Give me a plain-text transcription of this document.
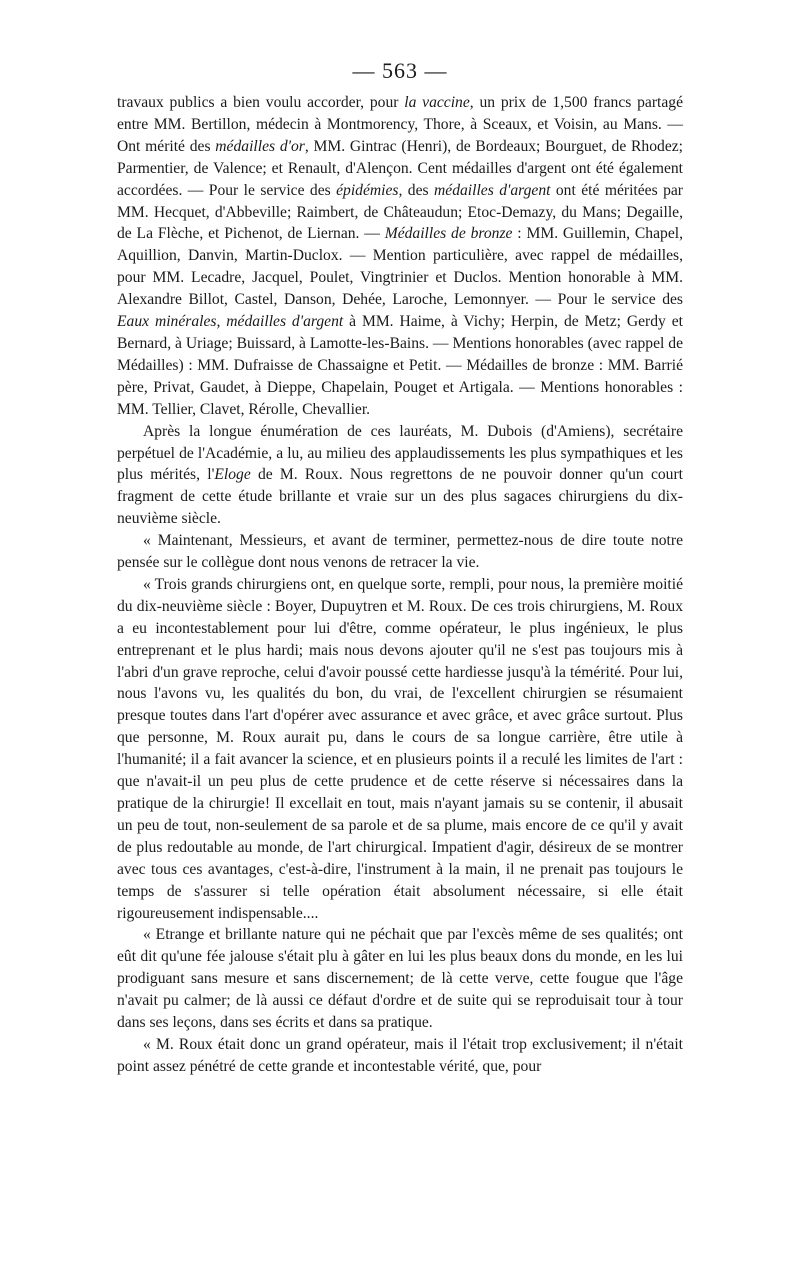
— 563 —

travaux publics a bien voulu accorder, pour la vaccine, un prix de 1,500 francs partagé entre MM. Bertillon, médecin à Montmorency, Thore, à Sceaux, et Voisin, au Mans. — Ont mérité des médailles d'or, MM. Gintrac (Henri), de Bordeaux; Bourguet, de Rhodez; Parmentier, de Valence; et Renault, d'Alençon. Cent médailles d'argent ont été également accordées. — Pour le service des épidémies, des médailles d'argent ont été méritées par MM. Hecquet, d'Abbeville; Raimbert, de Châteaudun; Etoc-Demazy, du Mans; Degaille, de La Flèche, et Pichenot, de Liernan. — Médailles de bronze : MM. Guillemin, Chapel, Aquillion, Danvin, Martin-Duclox. — Mention particulière, avec rappel de médailles, pour MM. Lecadre, Jacquel, Poulet, Vingtrinier et Duclos. Mention honorable à MM. Alexandre Billot, Castel, Danson, Dehée, Laroche, Lemonnyer. — Pour le service des Eaux minérales, médailles d'argent à MM. Haime, à Vichy; Herpin, de Metz; Gerdy et Bernard, à Uriage; Buissard, à Lamotte-les-Bains. — Mentions honorables (avec rappel de Médailles) : MM. Dufraisse de Chassaigne et Petit. — Médailles de bronze : MM. Barrié père, Privat, Gaudet, à Dieppe, Chapelain, Pouget et Artigala. — Mentions honorables : MM. Tellier, Clavet, Rérolle, Chevallier.

Après la longue énumération de ces lauréats, M. Dubois (d'Amiens), secrétaire perpétuel de l'Académie, a lu, au milieu des applaudissements les plus sympathiques et les plus mérités, l'Eloge de M. Roux. Nous regrettons de ne pouvoir donner qu'un court fragment de cette étude brillante et vraie sur un des plus sagaces chirurgiens du dix-neuvième siècle.

« Maintenant, Messieurs, et avant de terminer, permettez-nous de dire toute notre pensée sur le collègue dont nous venons de retracer la vie.

« Trois grands chirurgiens ont, en quelque sorte, rempli, pour nous, la première moitié du dix-neuvième siècle : Boyer, Dupuytren et M. Roux. De ces trois chirurgiens, M. Roux a eu incontestablement pour lui d'être, comme opérateur, le plus ingénieux, le plus entreprenant et le plus hardi; mais nous devons ajouter qu'il ne s'est pas toujours mis à l'abri d'un grave reproche, celui d'avoir poussé cette hardiesse jusqu'à la témérité. Pour lui, nous l'avons vu, les qualités du bon, du vrai, de l'excellent chirurgien se résumaient presque toutes dans l'art d'opérer avec assurance et avec grâce, et avec grâce surtout. Plus que personne, M. Roux aurait pu, dans le cours de sa longue carrière, être utile à l'humanité; il a fait avancer la science, et en plusieurs points il a reculé les limites de l'art : que n'avait-il un peu plus de cette prudence et de cette réserve si nécessaires dans la pratique de la chirurgie! Il excellait en tout, mais n'ayant jamais su se contenir, il abusait un peu de tout, non-seulement de sa parole et de sa plume, mais encore de ce qu'il y avait de plus redoutable au monde, de l'art chirurgical. Impatient d'agir, désireux de se montrer avec tous ces avantages, c'est-à-dire, l'instrument à la main, il ne prenait pas toujours le temps de s'assurer si telle opération était absolument nécessaire, si elle était rigoureusement indispensable....

« Etrange et brillante nature qui ne péchait que par l'excès même de ses qualités; ont eût dit qu'une fée jalouse s'était plu à gâter en lui les plus beaux dons du monde, en les lui prodiguant sans mesure et sans discernement; de là cette verve, cette fougue que l'âge n'avait pu calmer; de là aussi ce défaut d'ordre et de suite qui se reproduisait tour à tour dans ses leçons, dans ses écrits et dans sa pratique.

« M. Roux était donc un grand opérateur, mais il l'était trop exclusivement; il n'était point assez pénétré de cette grande et incontestable vérité, que, pour
